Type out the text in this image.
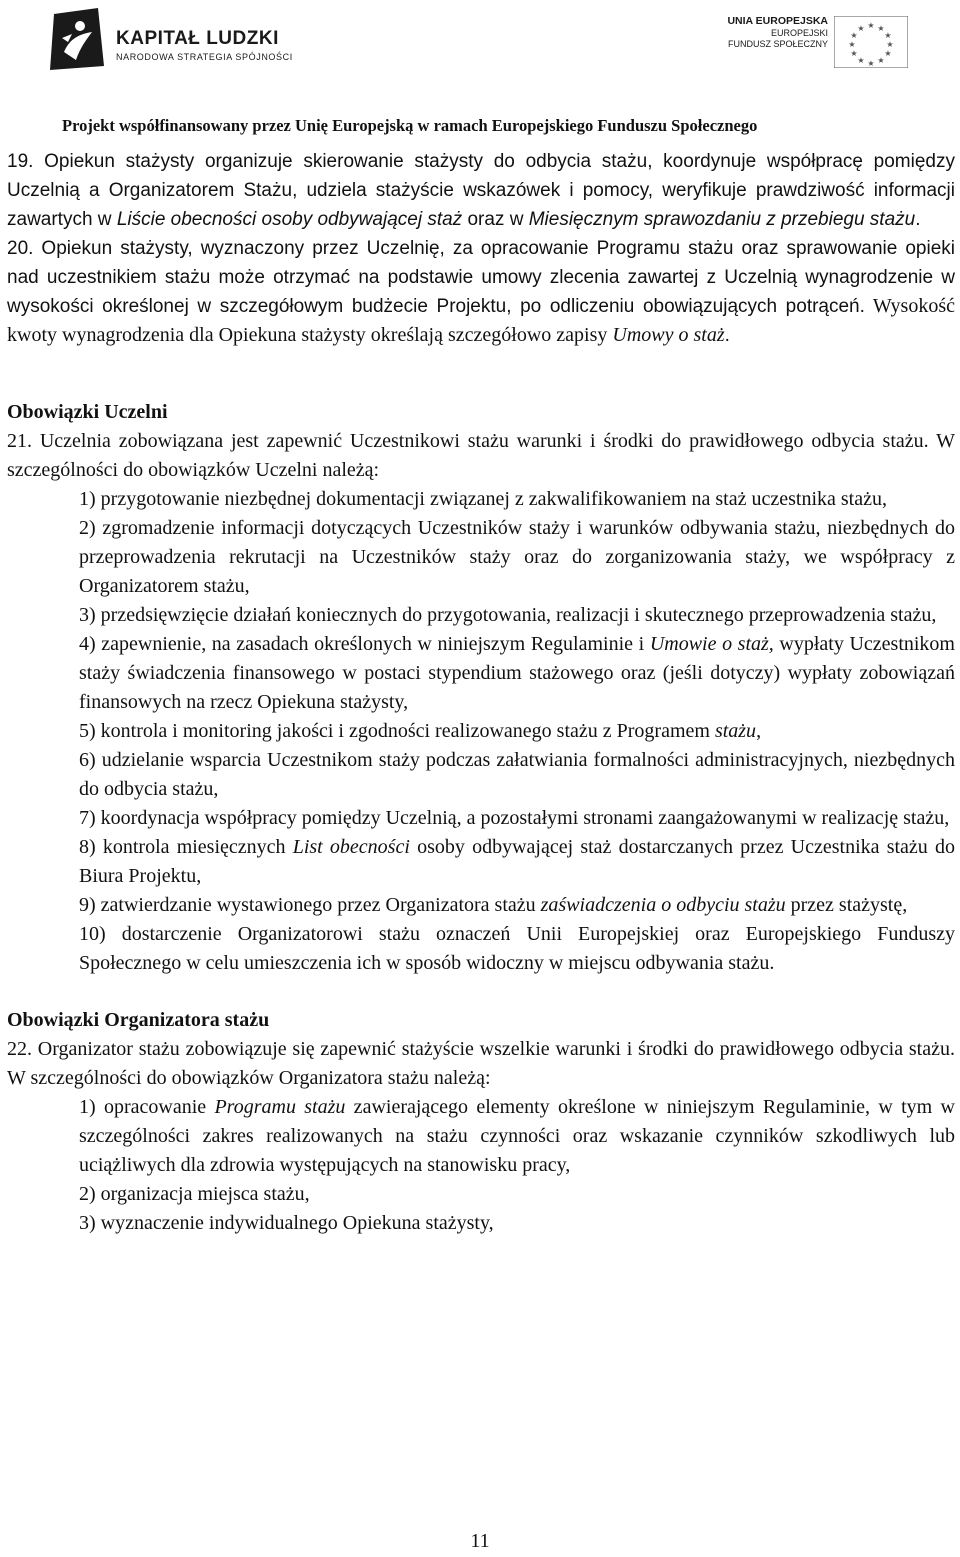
KAPITAŁ LUDZKI
NARODOWA STRATEGIA SPÓJNOŚCI
UNIA EUROPEJSKA
EUROPEJSKI
FUNDUSZ SPOŁECZNY
★ ★
★
★
★
★
★
★
★
★
★
★
Projekt współfinansowany przez Unię Europejską w ramach Europejskiego Funduszu Społecznego

19. Opiekun stażysty organizuje skierowanie stażysty do odbycia stażu, koordynuje współpracę pomiędzy Uczelnią a Organizatorem Stażu, udziela stażyście wskazówek i pomocy, weryfikuje prawdziwość informacji zawartych w Liście obecności osoby odbywającej staż oraz w Miesięcznym sprawozdaniu z przebiegu stażu.

20. Opiekun stażysty, wyznaczony przez Uczelnię, za opracowanie Programu stażu oraz sprawowanie opieki nad uczestnikiem stażu może otrzymać na podstawie umowy zlecenia zawartej z Uczelnią wynagrodzenie w wysokości określonej w szczegółowym budżecie Projektu, po odliczeniu obowiązujących potrąceń. Wysokość kwoty wynagrodzenia dla Opiekuna stażysty określają szczegółowo zapisy Umowy o staż.

Obowiązki Uczelni

21. Uczelnia zobowiązana jest zapewnić Uczestnikowi stażu warunki i środki do prawidłowego odbycia stażu. W szczególności do obowiązków Uczelni należą:

1) przygotowanie niezbędnej dokumentacji związanej z zakwalifikowaniem na staż uczestnika stażu,

2) zgromadzenie informacji dotyczących Uczestników staży i warunków odbywania stażu, niezbędnych do przeprowadzenia rekrutacji na Uczestników staży oraz do zorganizowania staży, we współpracy z Organizatorem stażu,

3) przedsięwzięcie działań koniecznych do przygotowania, realizacji i skutecznego przeprowadzenia stażu,

4) zapewnienie, na zasadach określonych w niniejszym Regulaminie i Umowie o staż, wypłaty Uczestnikom staży świadczenia finansowego w postaci stypendium stażowego oraz (jeśli dotyczy) wypłaty zobowiązań finansowych na rzecz Opiekuna stażysty,

5) kontrola i monitoring jakości i zgodności realizowanego stażu z Programem stażu,

6) udzielanie wsparcia Uczestnikom staży podczas załatwiania formalności administracyjnych, niezbędnych do odbycia stażu,

7) koordynacja współpracy pomiędzy Uczelnią, a pozostałymi stronami zaangażowanymi w realizację stażu,

8) kontrola miesięcznych List obecności osoby odbywającej staż dostarczanych przez Uczestnika stażu do Biura Projektu,

9) zatwierdzanie wystawionego przez Organizatora stażu zaświadczenia o odbyciu stażu przez stażystę,

10) dostarczenie Organizatorowi stażu oznaczeń Unii Europejskiej oraz Europejskiego Funduszy Społecznego w celu umieszczenia ich w sposób widoczny w miejscu odbywania stażu.

Obowiązki Organizatora stażu

22. Organizator stażu zobowiązuje się zapewnić stażyście wszelkie warunki i środki do prawidłowego odbycia stażu. W szczególności do obowiązków Organizatora stażu należą:

1) opracowanie Programu stażu zawierającego elementy określone w niniejszym Regulaminie, w tym w szczególności zakres realizowanych na stażu czynności oraz wskazanie czynników szkodliwych lub uciążliwych dla zdrowia występujących na stanowisku pracy,

2) organizacja miejsca stażu,

3) wyznaczenie indywidualnego Opiekuna stażysty,

11
